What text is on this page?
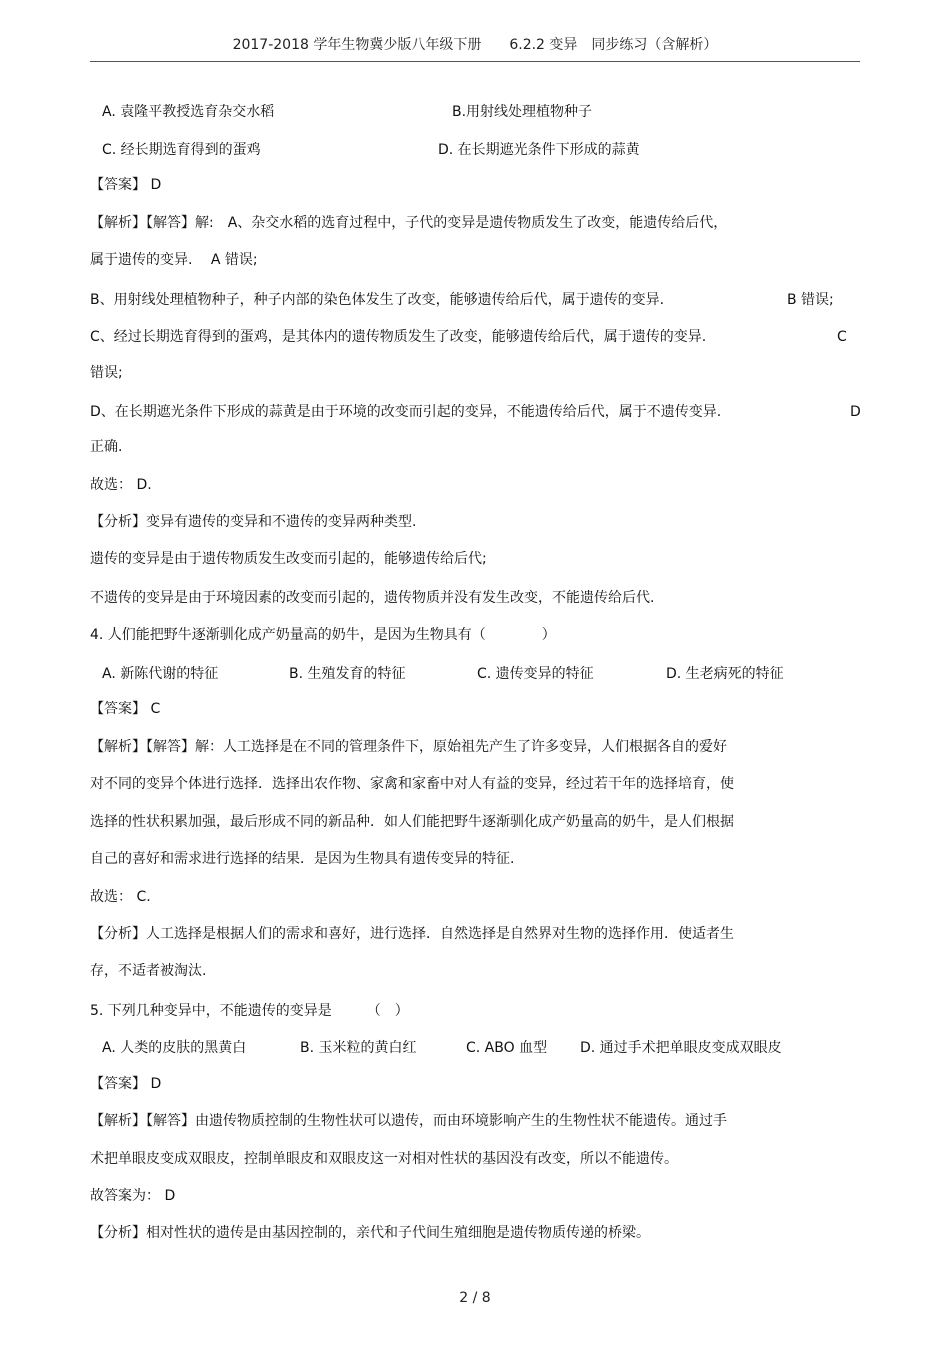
2017-2018 学年生物冀少版八年级下册　　6.2.2 变异　同步练习（含解析）
A. 袁隆平教授选育杂交水稻	B.用射线处理植物种子
C. 经长期选育得到的蛋鸡	D. 在长期遮光条件下形成的蒜黄
【答案】 D
【解析】【解答】解:　A、杂交水稻的选育过程中，子代的变异是遗传物质发生了改变，能遗传给后代，
属于遗传的变异.　 A 错误;
B、用射线处理植物种子，种子内部的染色体发生了改变，能够遗传给后代，属于遗传的变异.	B 错误;
C、经过长期选育得到的蛋鸡，是其体内的遗传物质发生了改变，能够遗传给后代，属于遗传的变异.	C
错误;
D、在长期遮光条件下形成的蒜黄是由于环境的改变而引起的变异，不能遗传给后代，属于不遗传变异.	D
正确.
故选： D.
【分析】变异有遗传的变异和不遗传的变异两种类型.
遗传的变异是由于遗传物质发生改变而引起的，能够遗传给后代;
不遗传的变异是由于环境因素的改变而引起的，遗传物质并没有发生改变，不能遗传给后代.
4. 人们能把野牛逐渐驯化成产奶量高的奶牛，是因为生物具有（　　　　）
A. 新陈代谢的特征	B. 生殖发育的特征	C. 遗传变异的特征	D. 生老病死的特征
【答案】 C
【解析】【解答】解：人工选择是在不同的管理条件下，原始祖先产生了许多变异，人们根据各自的爱好
对不同的变异个体进行选择．选择出农作物、家禽和家畜中对人有益的变异，经过若干年的选择培育，使
选择的性状积累加强，最后形成不同的新品种．如人们能把野牛逐渐驯化成产奶量高的奶牛，是人们根据
自己的喜好和需求进行选择的结果．是因为生物具有遗传变异的特征.
故选： C.
【分析】人工选择是根据人们的需求和喜好，进行选择．自然选择是自然界对生物的选择作用．使适者生
存，不适者被淘汰.
5. 下列几种变异中，不能遗传的变异是　　　（　）
A. 人类的皮肤的黑黄白	B. 玉米粒的黄白红	C. ABO 血型 D. 通过手术把单眼皮变成双眼皮
【答案】 D
【解析】【解答】由遗传物质控制的生物性状可以遗传，而由环境影响产生的生物性状不能遗传。通过手
术把单眼皮变成双眼皮，控制单眼皮和双眼皮这一对相对性状的基因没有改变，所以不能遗传。
故答案为： D
【分析】相对性状的遗传是由基因控制的，亲代和子代间生殖细胞是遗传物质传递的桥梁。
2 / 8
